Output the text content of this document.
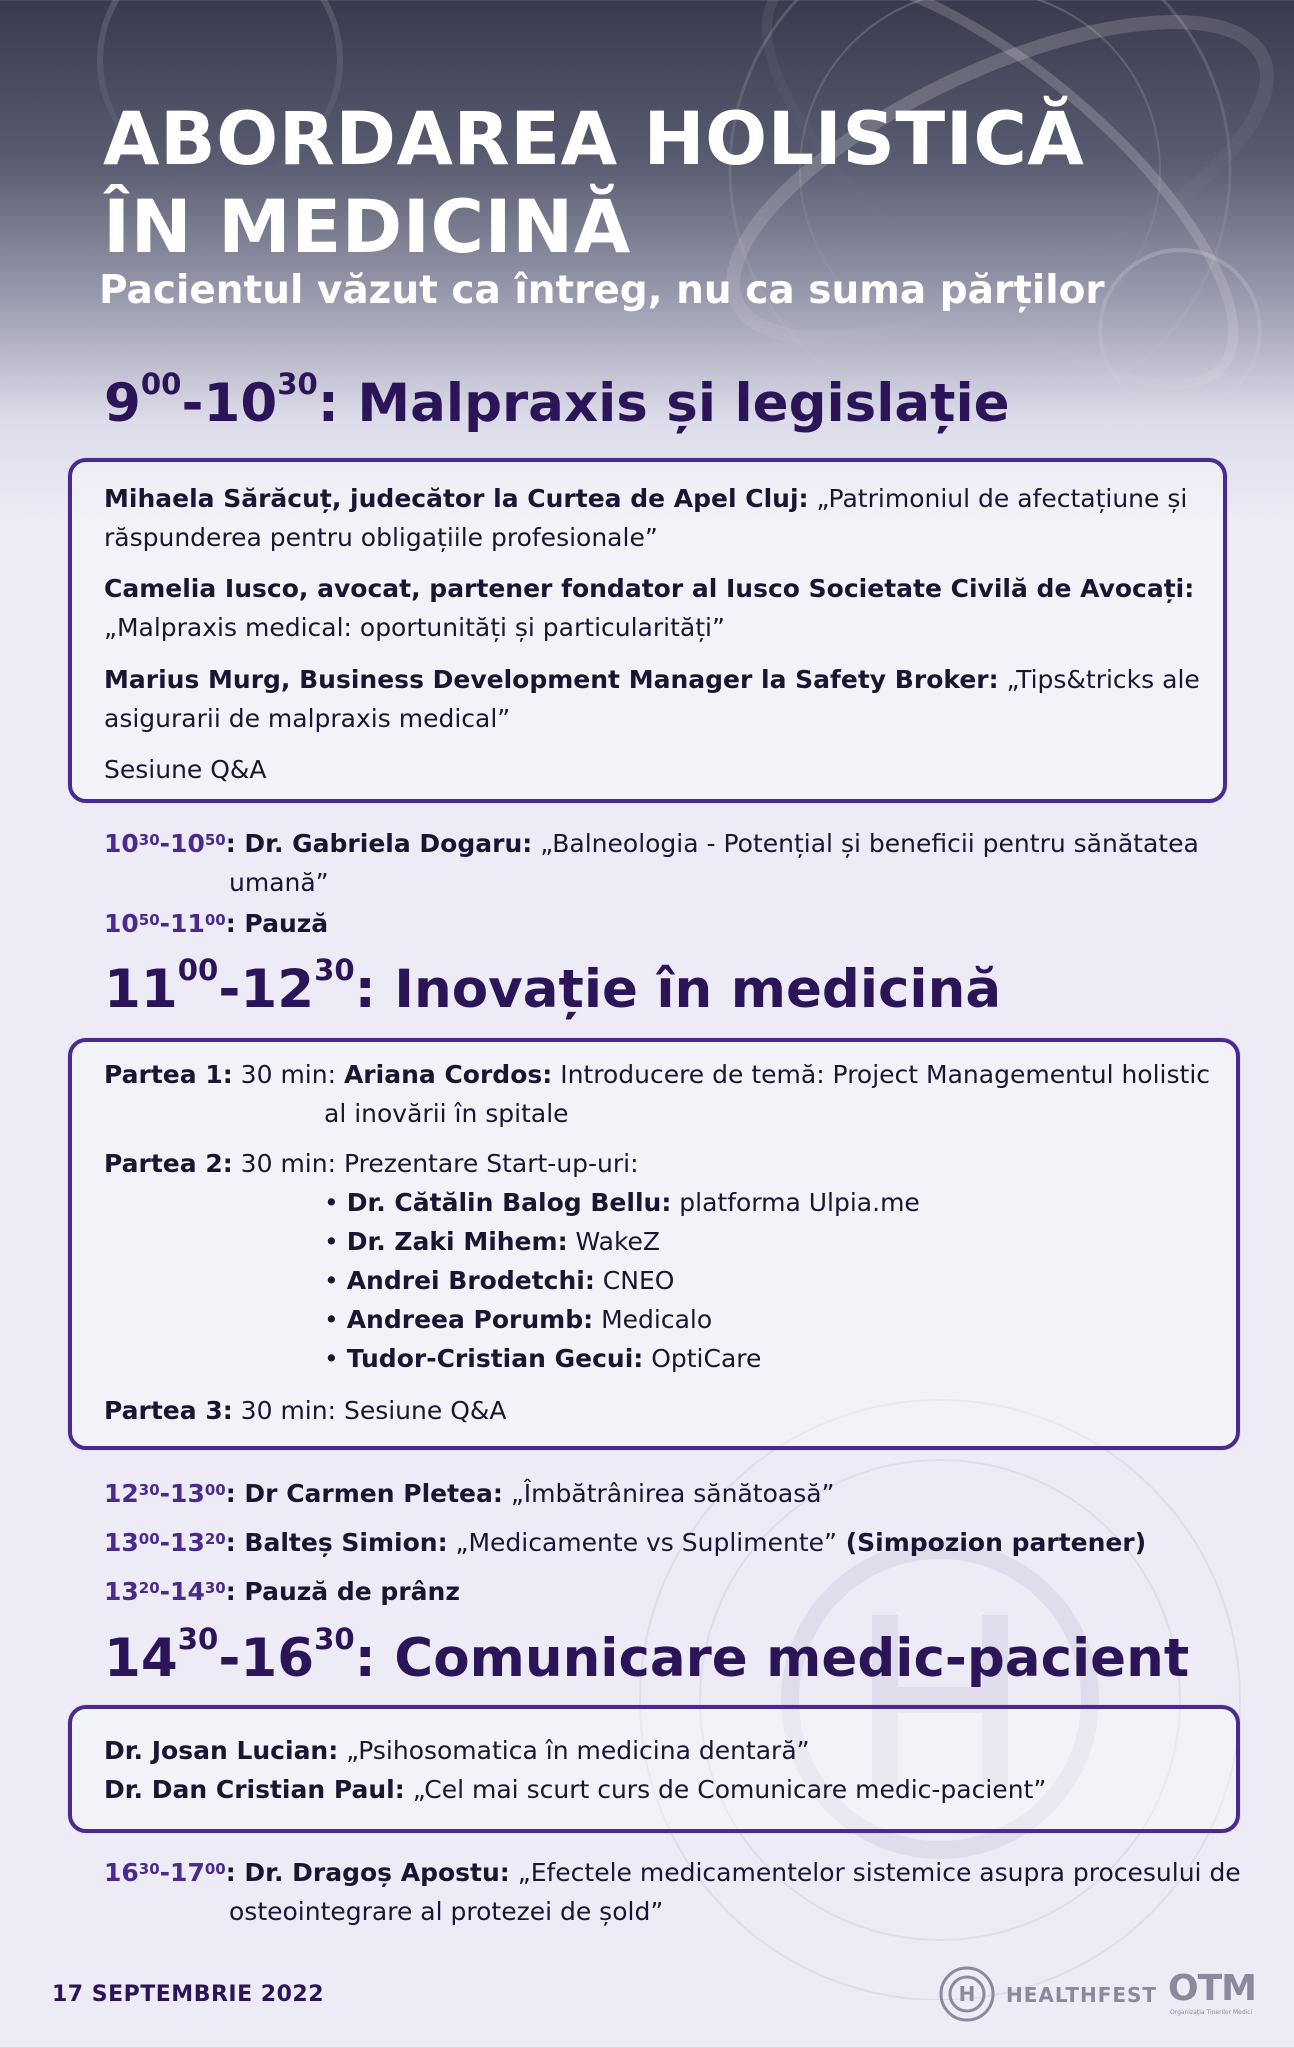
ABORDAREA HOLISTICĂ
ÎN MEDICINĂ
Pacientul văzut ca întreg, nu ca suma părților
$9^{00}-10^{30}$: Malpraxis și legislație
Mihaela Sărăcuț, judecător la Curtea de Apel Cluj: „Patrimoniul de afectațiune și
răspunderea pentru obligațiile profesionale”
Camelia Iusco, avocat, partener fondator al Iusco Societate Civilă de Avocați:
„Malpraxis medical: oportunități și particularități”
Marius Murg, Business Development Manager la Safety Broker: „Tips&tricks ale
asigurarii de malpraxis medical”
Sesiune Q&A
$10^{30}-10^{50}$: Dr. Gabriela Dogaru: „Balneologia - Potențial și beneficii pentru sănătatea
umană”
$10^{50}-11^{00}$: Pauză
$11^{00}-12^{30}$: Inovație în medicină
Partea 1: 30 min: Ariana Cordos: Introducere de temă: Project Managementul holistic
al inovării în spitale
Partea 2: 30 min: Prezentare Start-up-uri:
• Dr. Cătălin Balog Bellu: platforma Ulpia.me
• Dr. Zaki Mihem: WakeZ
• Andrei Brodetchi: CNEO
• Andreea Porumb: Medicalo
• Tudor-Cristian Gecui: OptiCare
Partea 3: 30 min: Sesiune Q&A
$12^{30}-13^{00}$: Dr Carmen Pletea: „Îmbătrânirea sănătoasă”
$13^{00}-13^{20}$: Balteș Simion: „Medicamente vs Suplimente” (Simpozion partener)
$13^{20}-14^{30}$: Pauză de prânz
$14^{30}-16^{30}$: Comunicare medic-pacient
Dr. Josan Lucian: „Psihosomatica în medicina dentară”
Dr. Dan Cristian Paul: „Cel mai scurt curs de Comunicare medic-pacient”
$16^{30}-17^{00}$: Dr. Dragoș Apostu: „Efectele medicamentelor sistemice asupra procesului de
osteointegrare al protezei de șold”
17 SEPTEMBRIE 2022	H HEALTHFEST OTM
Organizația Tinerilor Medici
